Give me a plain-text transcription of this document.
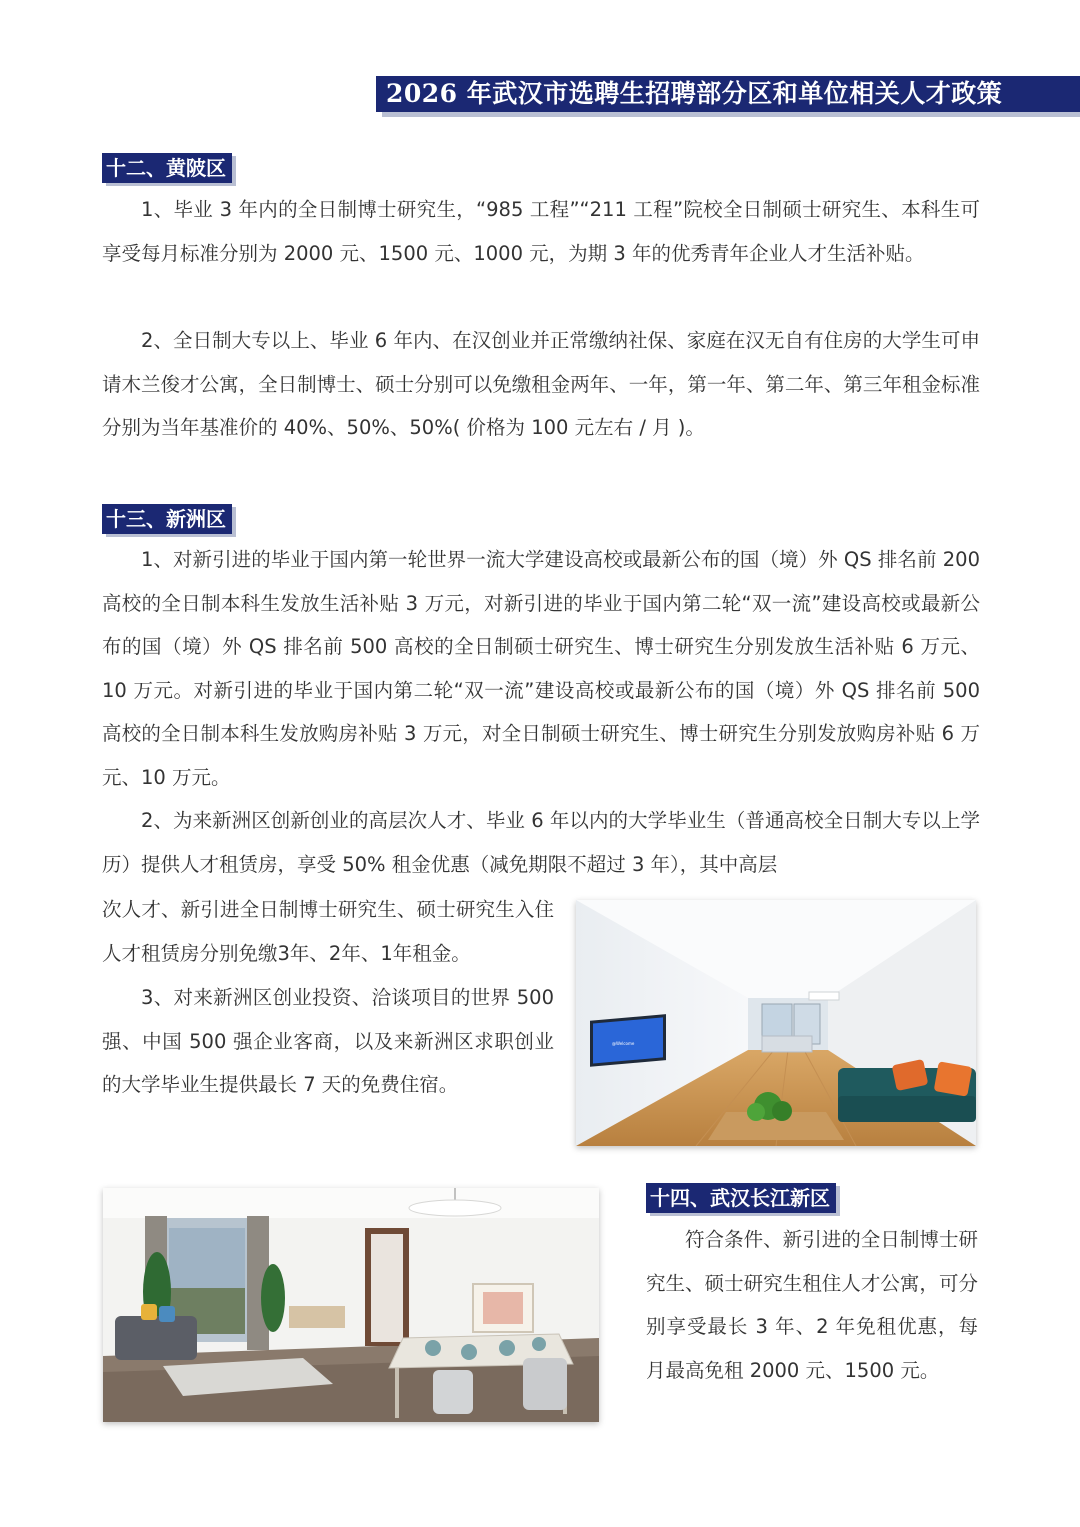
2026 年武汉市选聘生招聘部分区和单位相关人才政策
十二、黄陂区

1、毕业 3 年内的全日制博士研究生，“985 工程”“211 工程”院校全日制硕士研究生、本科生可享受每月标准分别为 2000 元、1500 元、1000 元，为期 3 年的优秀青年企业人才生活补贴。

2、全日制大专以上、毕业 6 年内、在汉创业并正常缴纳社保、家庭在汉无自有住房的大学生可申请木兰俊才公寓，全日制博士、硕士分别可以免缴租金两年、一年，第一年、第二年、第三年租金标准分别为当年基准价的 40%、50%、50%( 价格为 100 元左右 / 月 )。

十三、新洲区

1、对新引进的毕业于国内第一轮世界一流大学建设高校或最新公布的国（境）外 QS 排名前 200 高校的全日制本科生发放生活补贴 3 万元，对新引进的毕业于国内第二轮“双一流”建设高校或最新公布的国（境）外 QS 排名前 500 高校的全日制硕士研究生、博士研究生分别发放生活补贴 6 万元、10 万元。对新引进的毕业于国内第二轮“双一流”建设高校或最新公布的国（境）外 QS 排名前 500 高校的全日制本科生发放购房补贴 3 万元，对全日制硕士研究生、博士研究生分别发放购房补贴 6 万元、10 万元。

2、为来新洲区创新创业的高层次人才、毕业 6 年以内的大学毕业生（普通高校全日制大专以上学历）提供人才租赁房，享受 50% 租金优惠（减免期限不超过 3 年），其中高层

次人才、新引进全日制博士研究生、硕士研究生入住人才租赁房分别免缴3年、2年、1年租金。

3、对来新洲区创业投资、洽谈项目的世界 500 强、中国 500 强企业客商，以及来新洲区求职创业的大学毕业生提供最长 7 天的免费住宿。

@Welcome
十四、武汉长江新区

符合条件、新引进的全日制博士研究生、硕士研究生租住人才公寓，可分别享受最长 3 年、2 年免租优惠，每月最高免租 2000 元、1500 元。
